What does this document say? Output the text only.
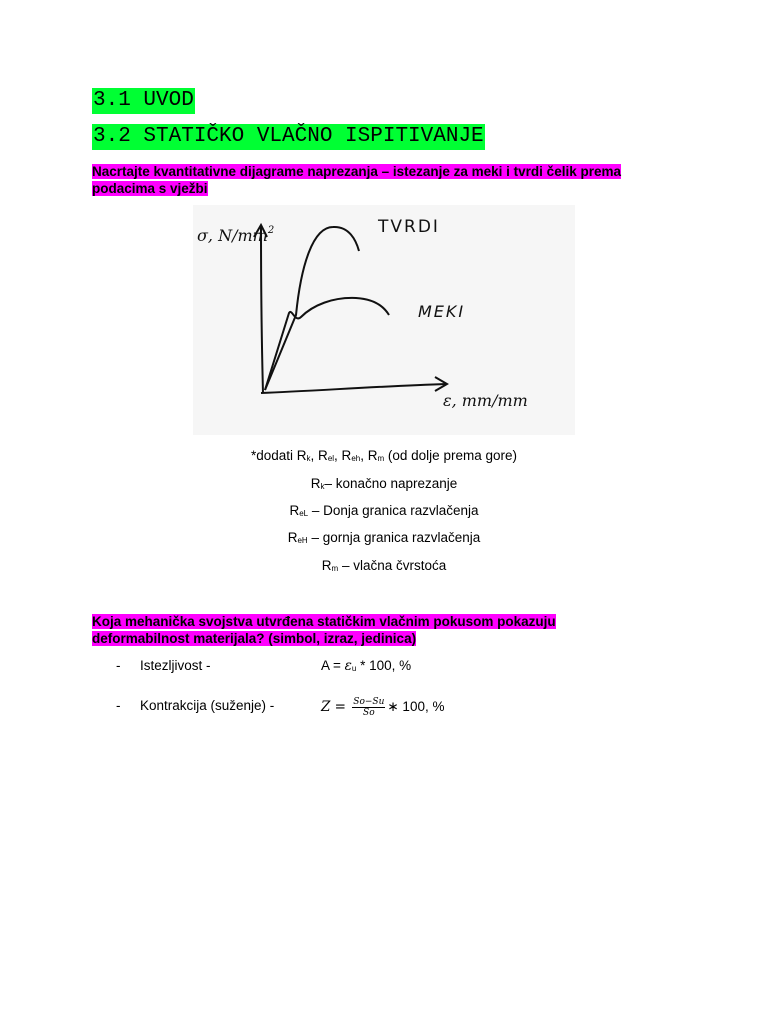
3.1 UVOD
3.2 STATIČKO VLAČNO ISPITIVANJE

Nacrtajte kvantitativne dijagrame naprezanja – istezanje za meki i tvrdi čelik prema podacima s vježbi

σ, $N/mm^2$
ε, mm/mm
TVRDI
MEKI
*dodati $R_k$, $R_{el}$, $R_{eh}$, $R_m$ (od dolje prema gore)
$R_k-$ konačno naprezanje
$R_{eL}$ – Donja granica razvlačenja
$R_{eH}$ – gornja granica razvlačenja
$R_m$ – vlačna čvrstoća

Koja mehanička svojstva utvrđena statičkim vlačnim pokusom pokazuju deformabilnost materijala? (simbol, izraz, jedinica)

- Istezljivost -	$A = \varepsilon_u * 100$, %
- Kontrakcija (suženje) -	$Z = \frac{So-Su}{So}$ ∗ 100, %
